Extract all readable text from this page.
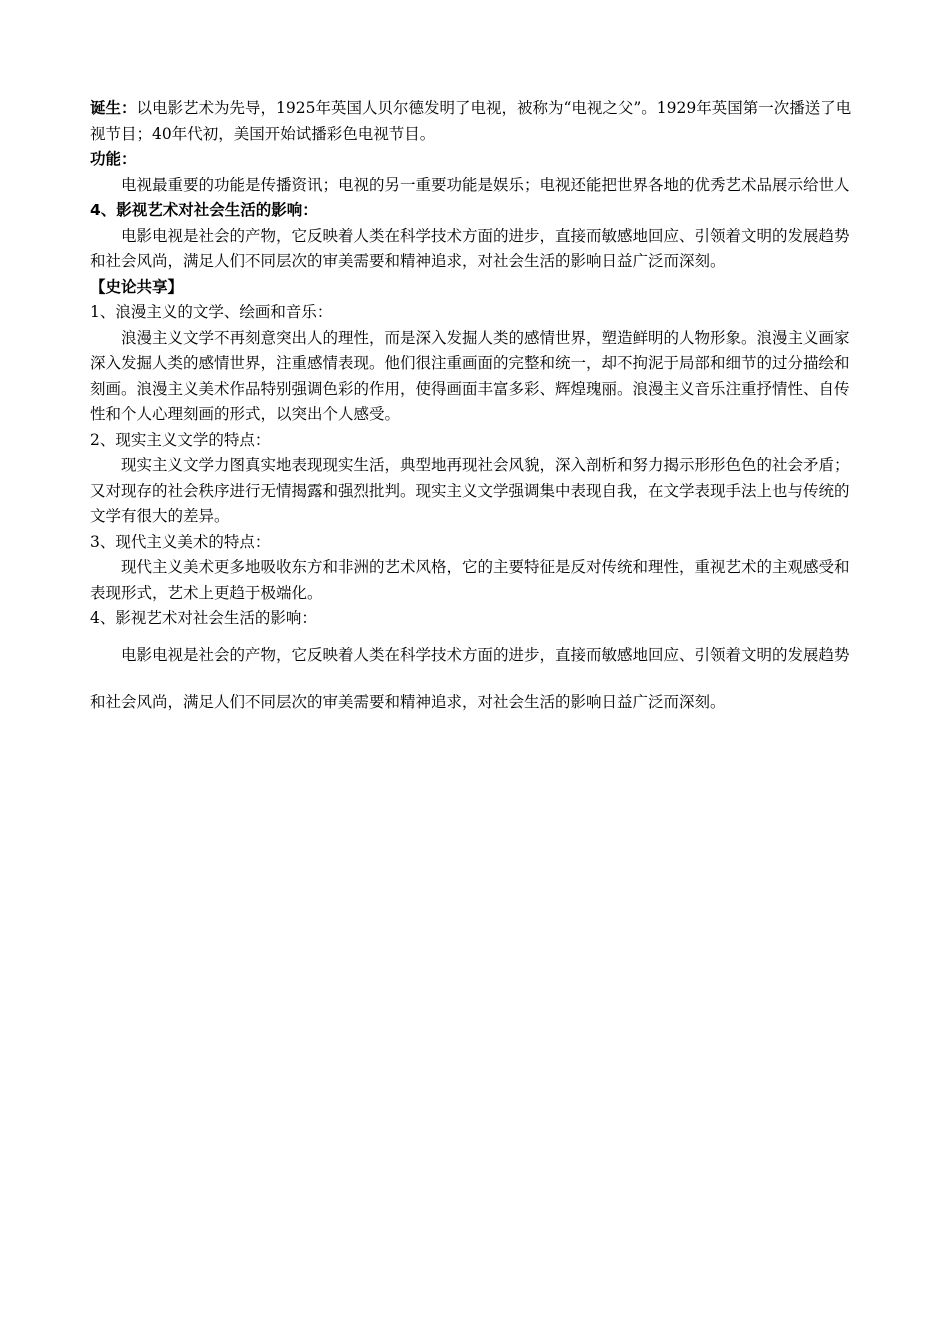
诞生：以电影艺术为先导，1925年英国人贝尔德发明了电视，被称为“电视之父”。1929年英国第一次播送了电视节目；40年代初，美国开始试播彩色电视节目。

功能：

电视最重要的功能是传播资讯；电视的另一重要功能是娱乐；电视还能把世界各地的优秀艺术品展示给世人

4、影视艺术对社会生活的影响：

电影电视是社会的产物，它反映着人类在科学技术方面的进步，直接而敏感地回应、引领着文明的发展趋势和社会风尚，满足人们不同层次的审美需要和精神追求，对社会生活的影响日益广泛而深刻。

【史论共享】

1、浪漫主义的文学、绘画和音乐：

浪漫主义文学不再刻意突出人的理性，而是深入发掘人类的感情世界，塑造鲜明的人物形象。浪漫主义画家深入发掘人类的感情世界，注重感情表现。他们很注重画面的完整和统一，却不拘泥于局部和细节的过分描绘和刻画。浪漫主义美术作品特别强调色彩的作用，使得画面丰富多彩、辉煌瑰丽。浪漫主义音乐注重抒情性、自传性和个人心理刻画的形式，以突出个人感受。

2、现实主义文学的特点：

现实主义文学力图真实地表现现实生活，典型地再现社会风貌，深入剖析和努力揭示形形色色的社会矛盾；又对现存的社会秩序进行无情揭露和强烈批判。现实主义文学强调集中表现自我，在文学表现手法上也与传统的文学有很大的差异。

3、现代主义美术的特点：

现代主义美术更多地吸收东方和非洲的艺术风格，它的主要特征是反对传统和理性，重视艺术的主观感受和表现形式，艺术上更趋于极端化。

4、影视艺术对社会生活的影响：

电影电视是社会的产物，它反映着人类在科学技术方面的进步，直接而敏感地回应、引领着文明的发展趋势和社会风尚，满足人们不同层次的审美需要和精神追求，对社会生活的影响日益广泛而深刻。
